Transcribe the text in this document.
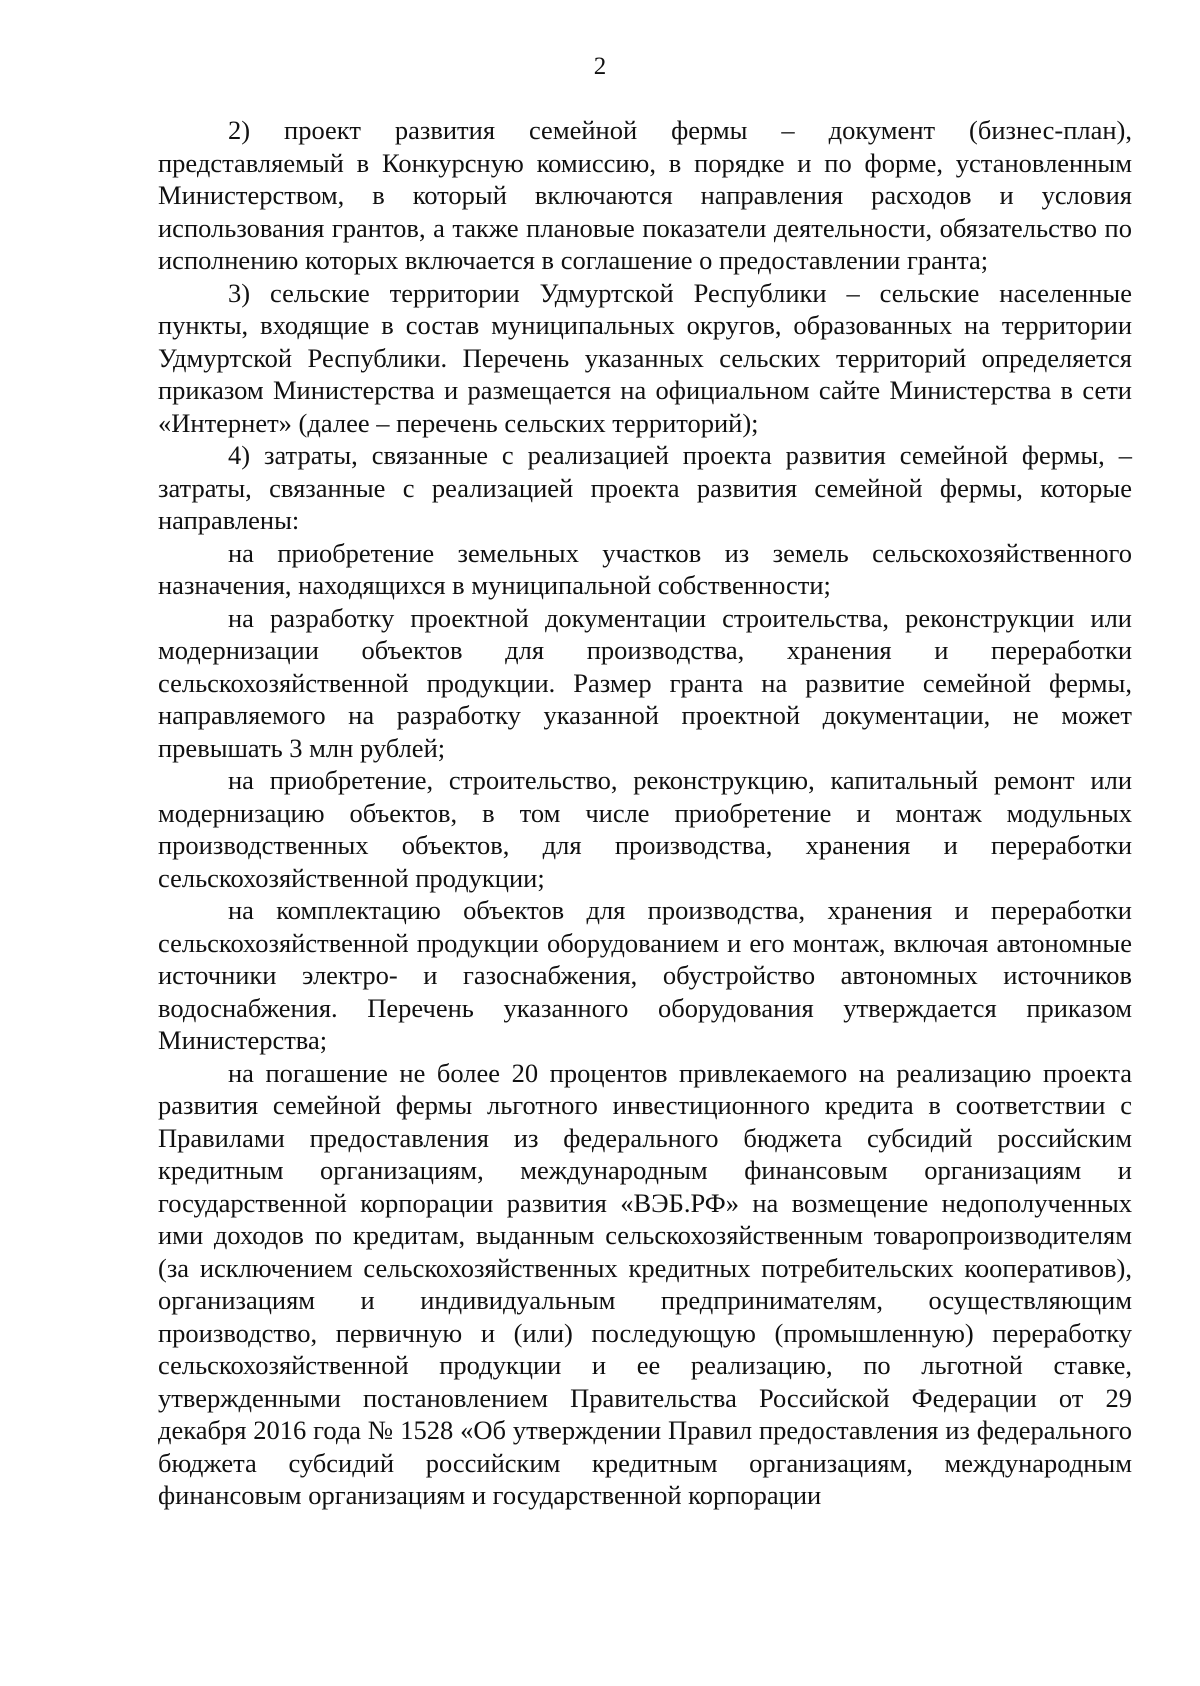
2

2) проект развития семейной фермы – документ (бизнес-план), представляемый в Конкурсную комиссию, в порядке и по форме, установленным Министерством, в который включаются направления расходов и условия использования грантов, а также плановые показатели деятельности, обязательство по исполнению которых включается в соглашение о предоставлении гранта;

3) сельские территории Удмуртской Республики – сельские населенные пункты, входящие в состав муниципальных округов, образованных на территории Удмуртской Республики. Перечень указанных сельских территорий определяется приказом Министерства и размещается на официальном сайте Министерства в сети «Интернет» (далее – перечень сельских территорий);

4) затраты, связанные с реализацией проекта развития семейной фермы, – затраты, связанные с реализацией проекта развития семейной фермы, которые направлены:

на приобретение земельных участков из земель сельскохозяйственного назначения, находящихся в муниципальной собственности;

на разработку проектной документации строительства, реконструкции или модернизации объектов для производства, хранения и переработки сельскохозяйственной продукции. Размер гранта на развитие семейной фермы, направляемого на разработку указанной проектной документации, не может превышать 3 млн рублей;

на приобретение, строительство, реконструкцию, капитальный ремонт или модернизацию объектов, в том числе приобретение и монтаж модульных производственных объектов, для производства, хранения и переработки сельскохозяйственной продукции;

на комплектацию объектов для производства, хранения и переработки сельскохозяйственной продукции оборудованием и его монтаж, включая автономные источники электро- и газоснабжения, обустройство автономных источников водоснабжения. Перечень указанного оборудования утверждается приказом Министерства;

на погашение не более 20 процентов привлекаемого на реализацию проекта развития семейной фермы льготного инвестиционного кредита в соответствии с Правилами предоставления из федерального бюджета субсидий российским кредитным организациям, международным финансовым организациям и государственной корпорации развития «ВЭБ.РФ» на возмещение недополученных ими доходов по кредитам, выданным сельскохозяйственным товаропроизводителям (за исключением сельскохозяйственных кредитных потребительских кооперативов), организациям и индивидуальным предпринимателям, осуществляющим производство, первичную и (или) последующую (промышленную) переработку сельскохозяйственной продукции и ее реализацию, по льготной ставке, утвержденными постановлением Правительства Российской Федерации от 29 декабря 2016 года № 1528 «Об утверждении Правил предоставления из федерального бюджета субсидий российским кредитным организациям, международным финансовым организациям и государственной корпорации
